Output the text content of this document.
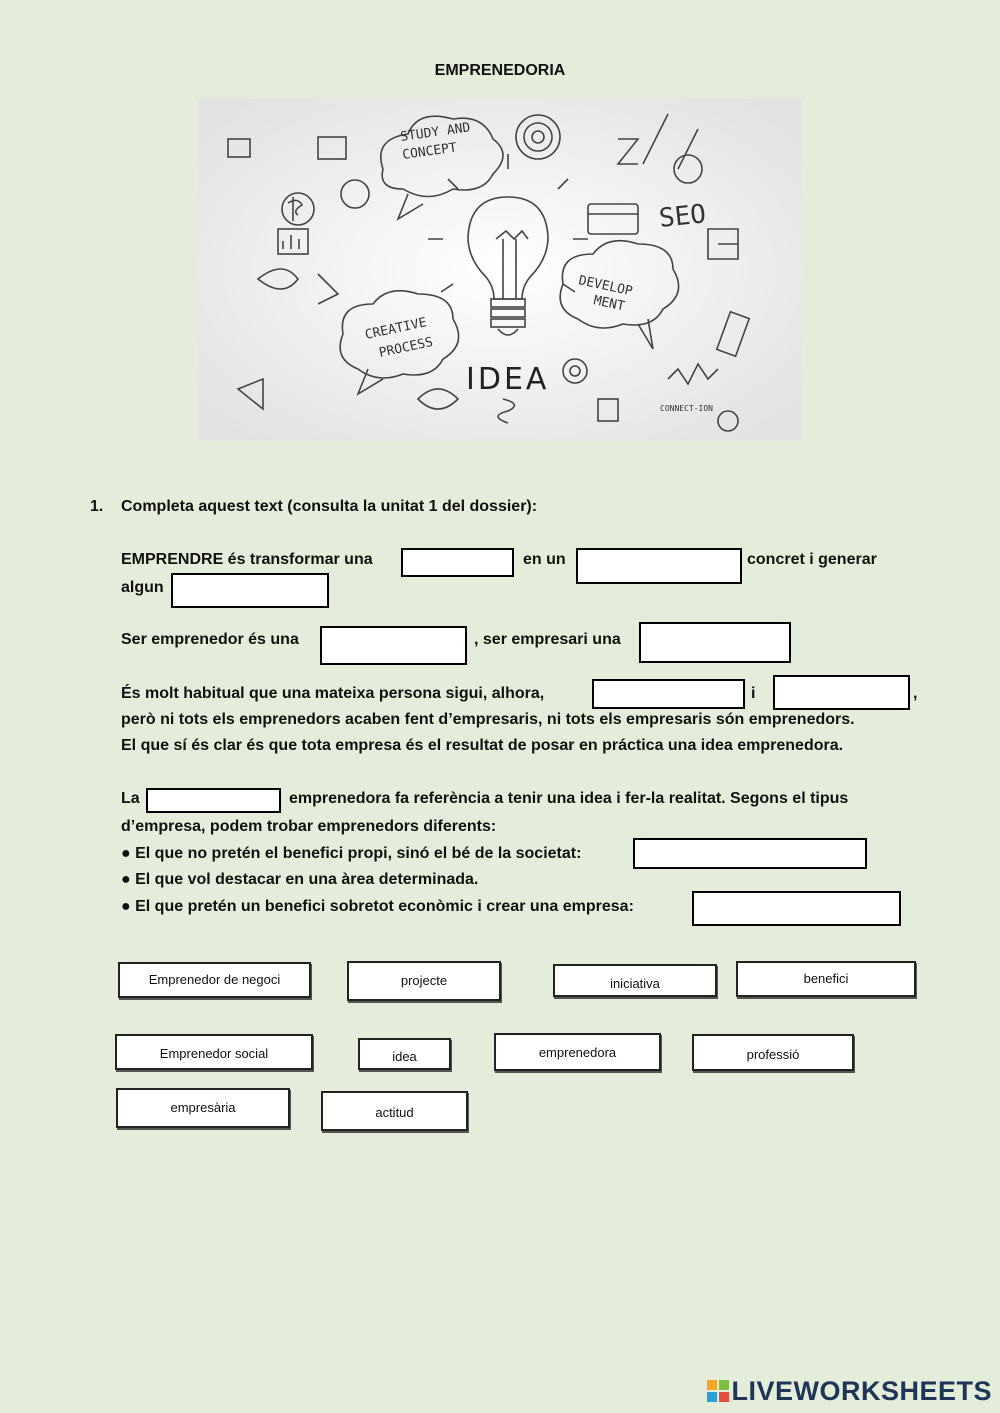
EMPRENEDORIA
STUDY AND
CONCEPT
DEVELOP
MENT
CREATIVE
PROCESS
SEO
CONNECT-ION
IDEA
1. Completa aquest text (consulta la unitat 1 del dossier):
EMPRENDRE és transformar una	en un	concret i generar
algun
Ser emprenedor és una	, ser empresari una
És molt habitual que una mateixa persona sigui, alhora,	i	,
però ni tots els emprenedors acaben fent d’empresaris, ni tots els empresaris són emprenedors.
El que sí és clar és que tota empresa és el resultat de posar en práctica una idea emprenedora.
La	emprenedora fa referència a tenir una idea i fer-la realitat. Segons el tipus
d’empresa, podem trobar emprenedors diferents:
● El que no pretén el benefici propi, sinó el bé de la societat:
● El que vol destacar en una àrea determinada.
● El que pretén un benefici sobretot econòmic i crear una empresa:
Emprenedor de negoci	projecte	iniciativa	benefici
Emprenedor social	idea	emprenedora	professió
empresària	actitud
LIVEWORKSHEETS
